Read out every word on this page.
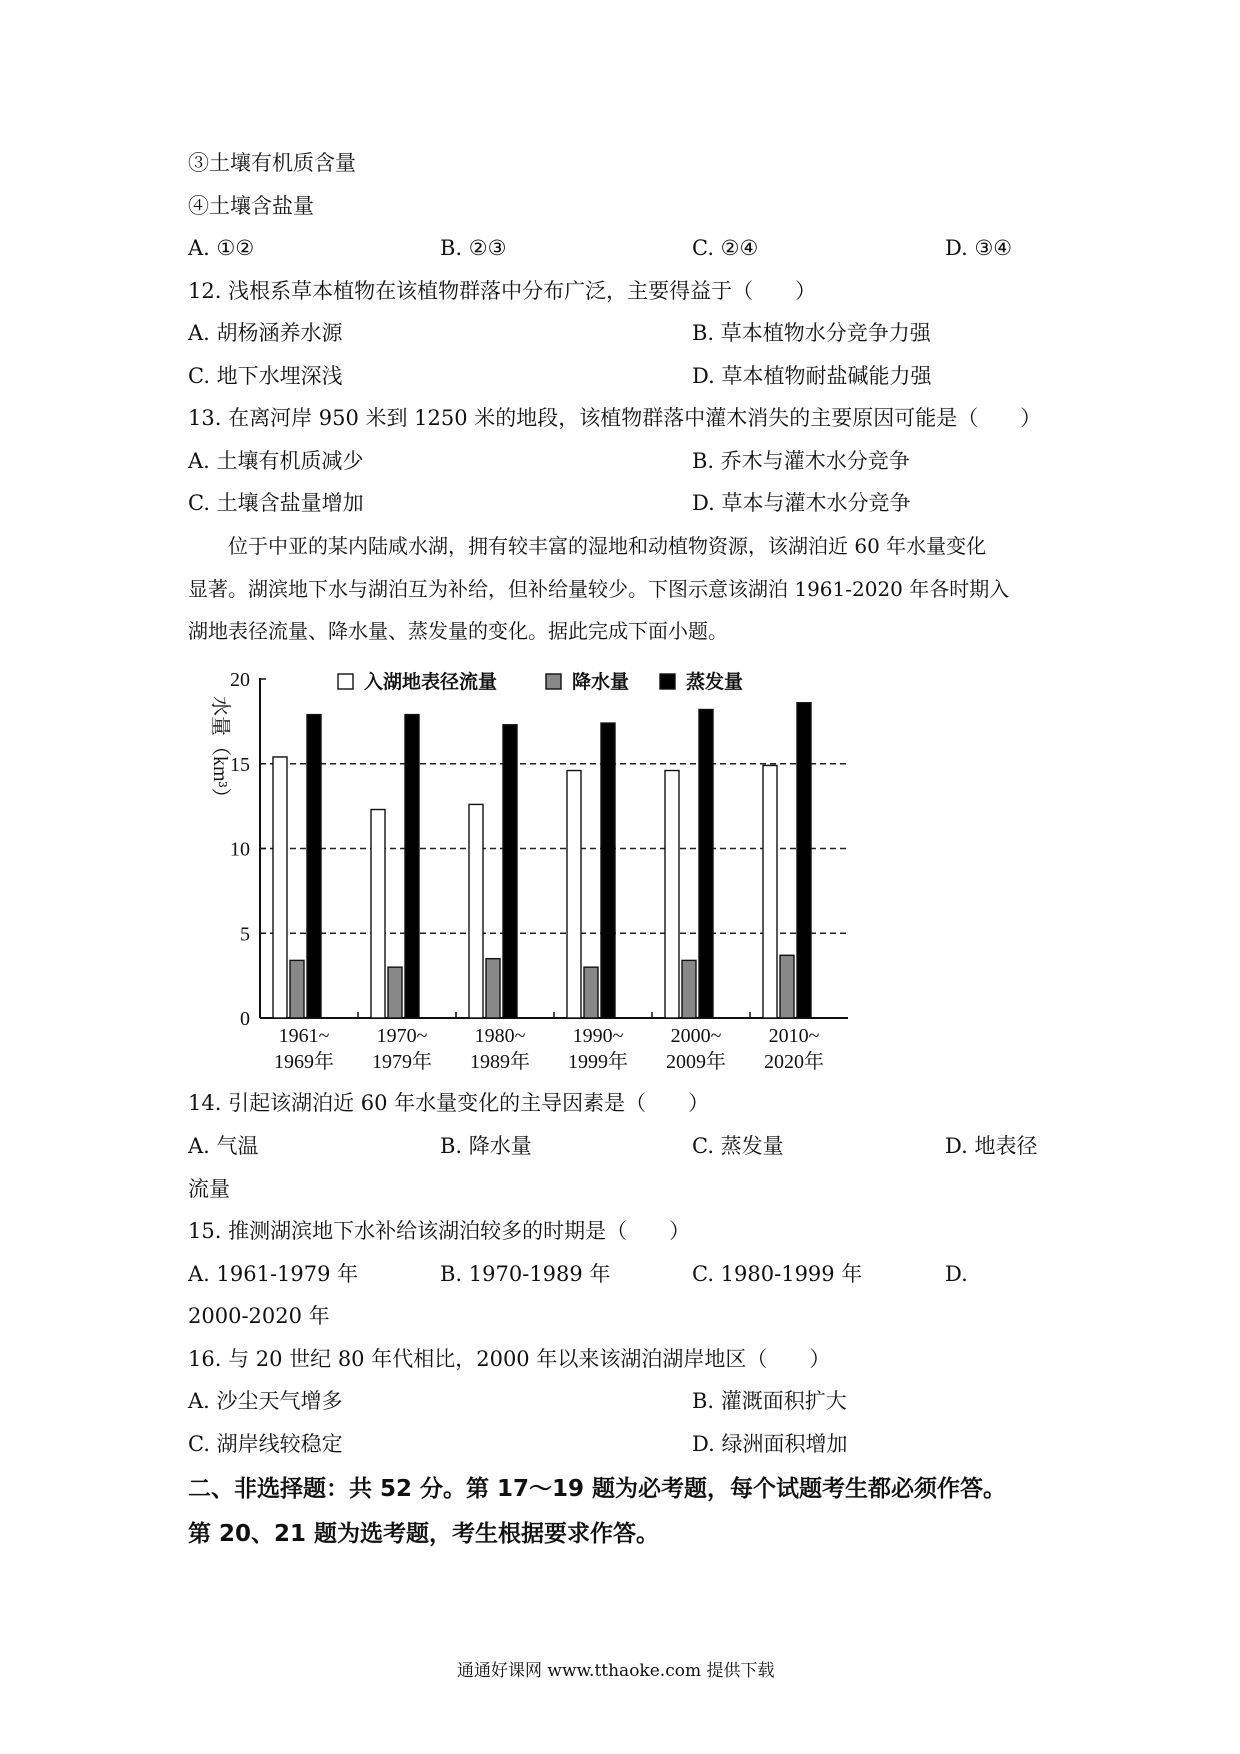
③土壤有机质含量
④土壤含盐量
A. ①②	B. ②③	C. ②④	D. ③④
12. 浅根系草本植物在该植物群落中分布广泛，主要得益于（　　）
A. 胡杨涵养水源	B. 草本植物水分竞争力强
C. 地下水埋深浅	D. 草本植物耐盐碱能力强
13. 在离河岸 950 米到 1250 米的地段，该植物群落中灌木消失的主要原因可能是（　　）
A. 土壤有机质减少	B. 乔木与灌木水分竞争
C. 土壤含盐量增加	D. 草本与灌木水分竞争
位于中亚的某内陆咸水湖，拥有较丰富的湿地和动植物资源，该湖泊近 60 年水量变化
显著。湖滨地下水与湖泊互为补给，但补给量较少。下图示意该湖泊 1961-2020 年各时期入
湖地表径流量、降水量、蒸发量的变化。据此完成下面小题。
0
5
10
15
20
水量（km³）
1961~
1969年
1970~
1979年
1980~
1989年
1990~
1999年
2000~
2009年
2010~
2020年
入湖地表径流量	降水量	蒸发量
14. 引起该湖泊近 60 年水量变化的主导因素是（　　）
A. 气温	B. 降水量	C. 蒸发量	D. 地表径
流量
15. 推测湖滨地下水补给该湖泊较多的时期是（　　）
A. 1961-1979 年	B. 1970-1989 年	C. 1980-1999 年	D.
2000-2020 年
16. 与 20 世纪 80 年代相比，2000 年以来该湖泊湖岸地区（　　）
A. 沙尘天气增多	B. 灌溉面积扩大
C. 湖岸线较稳定	D. 绿洲面积增加
二、非选择题：共 52 分。第 17～19 题为必考题，每个试题考生都必须作答。
第 20、21 题为选考题，考生根据要求作答。
通通好课网 www.tthaoke.com 提供下载
